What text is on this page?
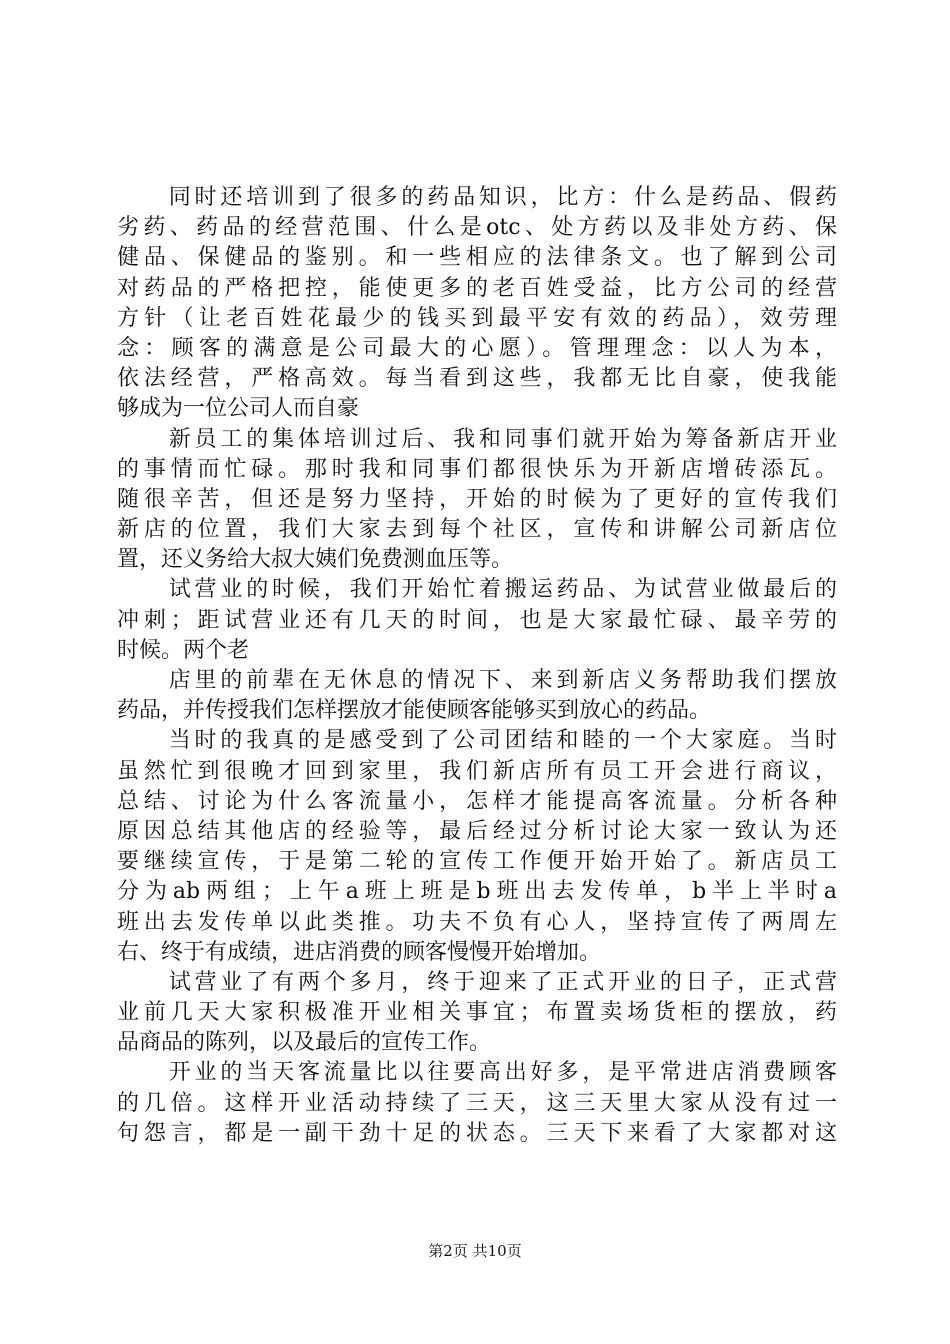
　　同时还培训到了很多的药品知识，比方：什么是药品、假药
劣药、药品的经营范围、什么是otc、处方药以及非处方药、保
健品、保健品的鉴别。和一些相应的法律条文。也了解到公司
对药品的严格把控，能使更多的老百姓受益，比方公司的经营
方针（让老百姓花最少的钱买到最平安有效的药品），效劳理
念：顾客的满意是公司最大的心愿）。管理理念：以人为本，
依法经营，严格高效。每当看到这些，我都无比自豪，使我能
够成为一位公司人而自豪
　　新员工的集体培训过后、我和同事们就开始为筹备新店开业
的事情而忙碌。那时我和同事们都很快乐为开新店增砖添瓦。
随很辛苦，但还是努力坚持，开始的时候为了更好的宣传我们
新店的位置，我们大家去到每个社区，宣传和讲解公司新店位
置，还义务给大叔大姨们免费测血压等。
　　试营业的时候，我们开始忙着搬运药品、为试营业做最后的
冲刺；距试营业还有几天的时间，也是大家最忙碌、最辛劳的
时候。两个老
　　店里的前辈在无休息的情况下、来到新店义务帮助我们摆放
药品，并传授我们怎样摆放才能使顾客能够买到放心的药品。
　　当时的我真的是感受到了公司团结和睦的一个大家庭。当时
虽然忙到很晚才回到家里，我们新店所有员工开会进行商议，
总结、讨论为什么客流量小，怎样才能提高客流量。分析各种
原因总结其他店的经验等，最后经过分析讨论大家一致认为还
要继续宣传，于是第二轮的宣传工作便开始开始了。新店员工
分为ab两组；上午a班上班是b班出去发传单，b半上半时a
班出去发传单以此类推。功夫不负有心人，坚持宣传了两周左
右、终于有成绩，进店消费的顾客慢慢开始增加。
　　试营业了有两个多月，终于迎来了正式开业的日子，正式营
业前几天大家积极准开业相关事宜；布置卖场货柜的摆放，药
品商品的陈列，以及最后的宣传工作。
　　开业的当天客流量比以往要高出好多，是平常进店消费顾客
的几倍。这样开业活动持续了三天，这三天里大家从没有过一
句怨言，都是一副干劲十足的状态。三天下来看了大家都对这
第2页 共10页
